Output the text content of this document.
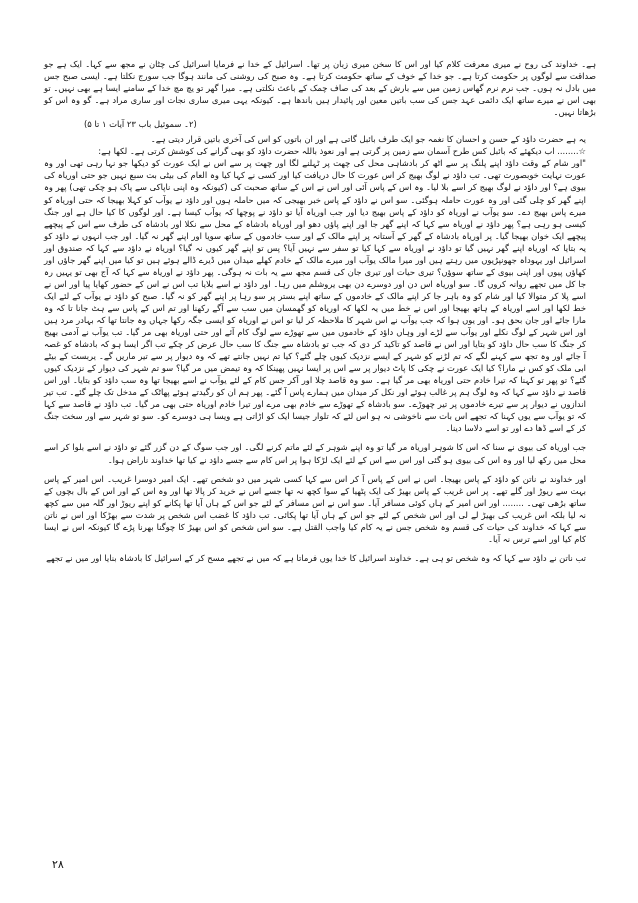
ہے۔ خداوند کی روح نے میری معرفت کلام کیا اور اس کا سخن میری زبان پر تھا۔ اسرائیل کے خدا نے فرمایا اسرائیل کی چٹان نے مجھ سے کہا۔ ایک ہے جو صداقت سے لوگوں پر حکومت کرتا ہے۔ جو خدا کے خوف کے ساتھ حکومت کرتا ہے۔ وہ صبح کی روشنی کی مانند ہوگا جب سورج نکلتا ہے۔ ایسی صبح جس میں بادل نہ ہوں۔ جب نرم نرم گھاس زمین میں سے بارش کے بعد کی صاف چمک کے باعث نکلتی ہے۔ میرا گھر تو یچ مچ خدا کے سامنے ایسا ہے بھی نہیں۔ تو بھی اس نے میرے ساتھ ایک دائمی عہد جس کی سب باتیں معین اور پائیدار ہیں باندھا ہے۔ کیونکہ یہی میری ساری نجات اور ساری مراد ہے۔ گو وہ اس کو بڑھاتا نہیں۔

(۲۔ سموئیل باب ۲۳ آیات ۱ تا ۵)

یہ ہے حضرت داؤد کے حسن و احسان کا نغمہ جو ایک طرف بائبل گاتی ہے اور ان باتوں کو اس کی آخری باتیں قرار دیتی ہے۔

☆........ اب دیکھئے کہ بائبل کس طرح آسمان سے زمین پر گرتی ہے اور نعوذ باللہ حضرت داؤد کو بھی گرانے کی کوشش کرتی ہے۔ لکھا ہے:

"اور شام کے وقت داؤد اپنے پلنگ پر سے اٹھ کر بادشاہی محل کی چھت پر ٹہلنے لگا اور چھت پر سے اس نے ایک عورت کو دیکھا جو نہا رہی تھی اور وہ عورت نہایت خوبصورت تھی۔ تب داؤد نے لوگ بھیج کر اس عورت کا حال دریافت کیا اور کسی نے کہا کیا وہ العام کی بیٹی بت سبع نہیں جو حتی اوریاہ کی بیوی ہے؟ اور داؤد نے لوگ بھیج کر اسے بلا لیا۔ وہ اس کے پاس آئی اور اس نے اس کے ساتھ صحبت کی (کیونکہ وہ اپنی ناپاکی سے پاک ہو چکی تھی) پھر وہ اپنے گھر کو چلی گئی اور وہ عورت حاملہ ہوگئی۔ سو اس نے داؤد کے پاس خبر بھیجی کہ میں حاملہ ہوں اور داؤد نے یوآب کو کہلا بھیجا کہ حتی اوریاہ کو میرے پاس بھیج دے۔ سو یوآب نے اوریاہ کو داؤد کے پاس بھیج دیا اور جب اوریاہ آیا تو داؤد نے پوچھا کہ یوآب کیسا ہے۔ اور لوگوں کا کیا حال ہے اور جنگ کیسی ہو رہی ہے؟ پھر داؤد نے اوریاہ سے کہا کہ اپنے گھر جا اور اپنے پاؤں دھو اور اوریاہ بادشاہ کے محل سے نکلا اور بادشاہ کی طرف سے اس کے پیچھے پیچھے ایک خوان بھیجا گیا۔ پر اوریاہ بادشاہ کے گھر کے آستانہ پر اپنے مالک کے اور سب خادموں کے ساتھ سویا اور اپنے گھر نہ گیا۔ اور جب انہوں نے داؤد کو یہ بتایا کہ اوریاہ اپنے گھر نہیں گیا تو داؤد نے اوریاہ سے کہا کیا تو سفر سے نہیں آیا؟ پس تو اپنے گھر کیوں نہ گیا؟ اوریاہ نے داؤد سے کہا کہ صندوق اور اسرائیل اور یہوداہ جھونپڑیوں میں رہتے ہیں اور میرا مالک یوآب اور میرے مالک کے خادم کھلے میدان میں ڈیرے ڈالے ہوئے ہیں تو کیا میں اپنے گھر جاؤں اور کھاؤں پیوں اور اپنی بیوی کے ساتھ سوؤں؟ تیری حیات اور تیری جان کی قسم مجھ سے یہ بات نہ ہوگی۔ پھر داؤد نے اوریاہ سے کہا کہ آج بھی تو یہیں رہ جا کل میں تجھے روانہ کروں گا۔ سو اوریاہ اس دن اور دوسرے دن بھی یروشلم میں رہا۔ اور داؤد نے اسے بلایا تب اس نے اس کے حضور کھایا پیا اور اس نے اسے پلا کر متوالا کیا اور شام کو وہ باہر جا کر اپنے مالک کے خادموں کے ساتھ اپنے بستر پر سو رہا پر اپنے گھر کو نہ گیا۔ صبح کو داؤد نے یوآب کے لئے ایک خط لکھا اور اسے اوریاہ کے ہاتھ بھیجا اور اس نے خط میں یہ لکھا کہ اوریاہ کو گھمسان میں سب سے آگے رکھنا اور تم اس کے پاس سے ہٹ جانا تا کہ وہ مارا جائے اور جان بحق ہو۔ اور یوں ہوا کہ جب یوآب نے اس شہر کا ملاحظہ کر لیا تو اس نے اوریاہ کو ایسی جگہ رکھا جہاں وہ جانتا تھا کہ بہادر مرد ہیں اور اس شہر کے لوگ نکلے اور یوآب سے لڑے اور وہاں داؤد کے خادموں میں سے تھوڑے سے لوگ کام آئے اور حتی اوریاہ بھی مر گیا۔ تب یوآب نے آدمی بھیج کر جنگ کا سب حال داؤد کو بتایا اور اس نے قاصد کو تاکید کر دی کہ جب تو بادشاہ سے جنگ کا سب حال عرض کر چکے تب اگر ایسا ہو کہ بادشاہ کو غصہ آ جائے اور وہ تجھ سے کہنے لگے کہ تم لڑنے کو شہر کے ایسے نزدیک کیوں چلے گئے؟ کیا تم نہیں جانتے تھے کہ وہ دیوار پر سے تیر ماریں گے۔ یربست کے بیٹے ابی ملک کو کس نے مارا؟ کیا ایک عورت نے چکی کا پاٹ دیوار پر سے اس پر ایسا نہیں پھینکا کہ وہ تیمض میں مر گیا؟ سو تم شہر کی دیوار کے نزدیک کیوں گئے؟ تو پھر تو کہنا کہ تیرا خادم حتی اوریاہ بھی مر گیا ہے۔ سو وہ قاصد چلا اور آکر جس کام کے لئے یوآب نے اسے بھیجا تھا وہ سب داؤد کو بتایا۔ اور اس قاصد نے داؤد سے کہا کہ وہ لوگ ہم پر غالب ہوئے اور نکل کر میدان میں ہمارے پاس آ گئے۔ پھر ہم ان کو رگیدتے ہوئے پھاٹک کے مدخل تک چلے گئے۔ تب تیر اندازوں نے دیوار پر سے تیرے خادموں پر تیر چھوڑے۔ سو بادشاہ کے تھوڑے سے خادم بھی مرے اور تیرا خادم اوریاہ حتی بھی مر گیا۔ تب داؤد نے قاصد سے کہا کہ تو یوآب سے یوں کہنا کہ تجھے اس بات سے ناخوشی نہ ہو اس لئے کہ تلوار جیسا ایک کو اڑاتی ہے ویسا ہی دوسرے کو۔ سو تو شہر سے اور سخت جنگ کر کے اسے ڈھا دے اور تو اسے دلاسا دینا۔

جب اوریاہ کی بیوی نے سنا کہ اس کا شوہر اوریاہ مر گیا تو وہ اپنے شوہر کے لئے ماتم کرنے لگی۔ اور جب سوگ کے دن گزر گئے تو داؤد نے اسے بلوا کر اسے محل میں رکھ لیا اور وہ اس کی بیوی ہو گئی اور اس سے اس کے لئے ایک لڑکا ہوا پر اس کام سے جسے داؤد نے کیا تھا خداوند ناراض ہوا۔

اور خداوند نے ناتن کو داؤد کے پاس بھیجا۔ اس نے اس کے پاس آ کر اس سے کہا کسی شہر میں دو شخص تھے۔ ایک امیر دوسرا غریب۔ اس امیر کے پاس بہت سے ریوڑ اور گلے تھے۔ پر اس غریب کے پاس بھیڑ کی ایک پٹھیا کے سوا کچھ نہ تھا جسے اس نے خرید کر پالا تھا اور وہ اس کے اور اس کے بال بچوں کے ساتھ بڑھی تھی۔ ........ اور اس امیر کے ہاں کوئی مسافر آیا۔ سو اس نے اس مسافر کے لئے جو اس کے ہاں آیا تھا پکانے کو اپنے ریوڑ اور گلہ میں سے کچھ نہ لیا بلکہ اس غریب کی بھیڑ لے لی اور اس شخص کے لئے جو اس کے ہاں آیا تھا پکائی۔ تب داؤد کا غضب اس شخص پر شدت سے بھڑکا اور اس نے ناتن سے کہا کہ خداوند کی حیات کی قسم وہ شخص جس نے یہ کام کیا واجب القتل ہے۔ سو اس شخص کو اس بھیڑ کا چوگنا بھرنا پڑے گا کیونکہ اس نے ایسا کام کیا اور اسے ترس نہ آیا۔

تب ناتن نے داؤد سے کہا کہ وہ شخص تو ہی ہے۔ خداوند اسرائیل کا خدا یوں فرماتا ہے کہ میں نے تجھے مسح کر کے اسرائیل کا بادشاہ بنایا اور میں نے تجھے

۲۸
